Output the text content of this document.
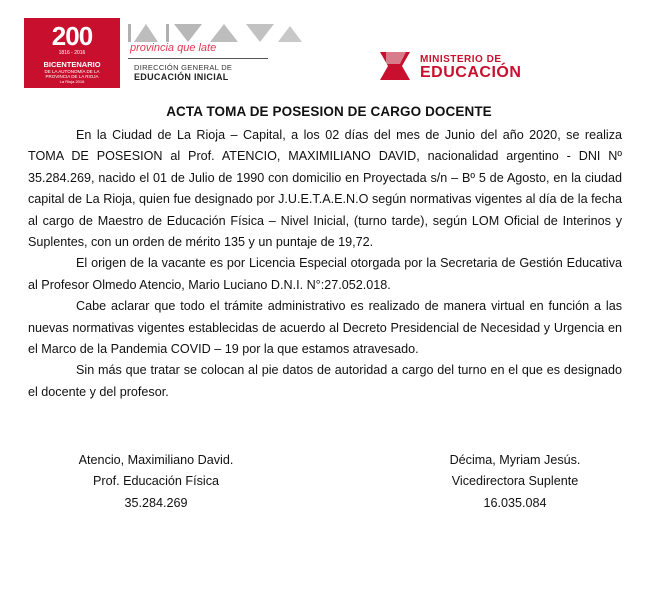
200
1816 - 2016
BICENTENARIO
DE LA AUTONOMÍA DE LA
PROVINCIA DE LA RIOJA
La Rioja 2016
provincia que late
DIRECCIÓN GENERAL DE
EDUCACIÓN INICIAL
MINISTERIO DE
EDUCACIÓN
ACTA TOMA DE POSESION DE CARGO DOCENTE

En la Ciudad de La Rioja – Capital, a los 02 días del mes de Junio del año 2020, se realiza TOMA DE POSESION al Prof. ATENCIO, MAXIMILIANO DAVID, nacionalidad argentino - DNI Nº 35.284.269, nacido el 01 de Julio de 1990 con domicilio en Proyectada s/n – Bº 5 de Agosto, en la ciudad capital de La Rioja, quien fue designado por J.U.E.T.A.E.N.O según normativas vigentes al día de la fecha al cargo de Maestro de Educación Física – Nivel Inicial, (turno tarde), según LOM Oficial de Interinos y Suplentes, con un orden de mérito 135 y un puntaje de 19,72.

El origen de la vacante es por Licencia Especial otorgada por la Secretaria de Gestión Educativa al Profesor Olmedo Atencio, Mario Luciano D.N.I. N°:27.052.018.

Cabe aclarar que todo el trámite administrativo es realizado de manera virtual en función a las nuevas normativas vigentes establecidas de acuerdo al Decreto Presidencial de Necesidad y Urgencia en el Marco de la Pandemia COVID – 19 por la que estamos atravesado.

Sin más que tratar se colocan al pie datos de autoridad a cargo del turno en el que es designado el docente y del profesor.

Atencio, Maximiliano David.
Prof. Educación Física
35.284.269
Décima, Myriam Jesús.
Vicedirectora Suplente
16.035.084
